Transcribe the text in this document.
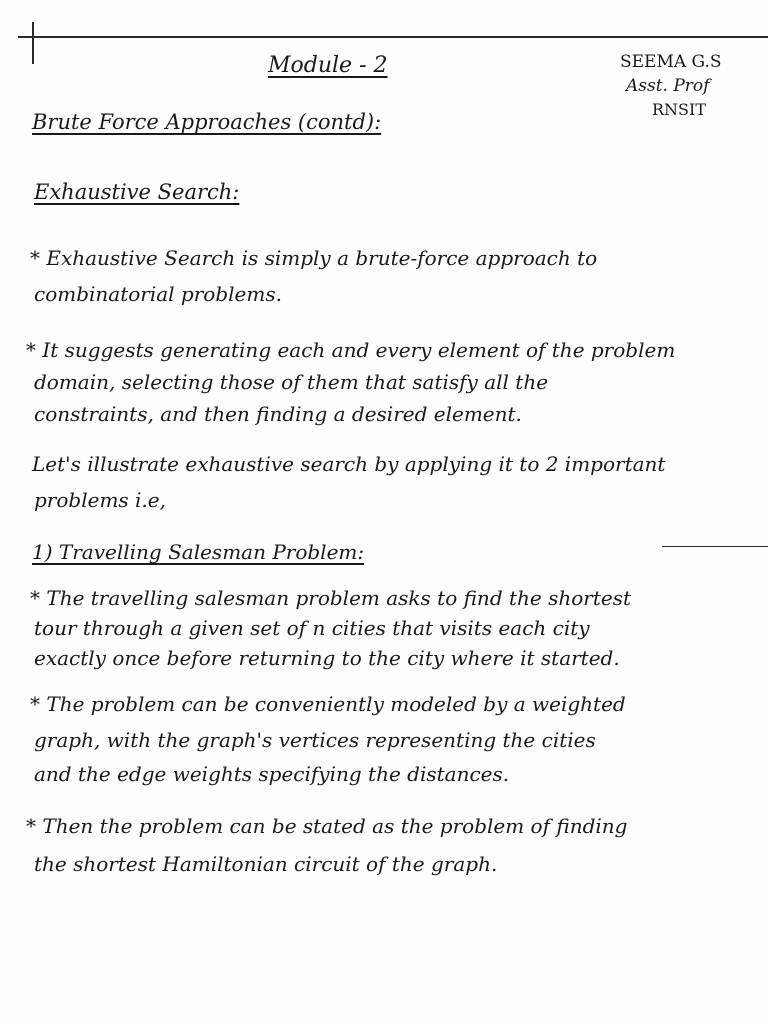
Module - 2	SEEMA G.S
Asst. Prof
RNSIT
Brute Force Approaches (contd):
Exhaustive Search:
* Exhaustive Search is simply a brute-force approach to
combinatorial problems.
* It suggests generating each and every element of the problem
domain, selecting those of them that satisfy all the
constraints, and then finding a desired element.
Let's illustrate exhaustive search by applying it to 2 important
problems i.e,
1) Travelling Salesman Problem:
* The travelling salesman problem asks to find the shortest
tour through a given set of n cities that visits each city
exactly once before returning to the city where it started.
* The problem can be conveniently modeled by a weighted
graph, with the graph's vertices representing the cities
and the edge weights specifying the distances.
* Then the problem can be stated as the problem of finding
the shortest Hamiltonian circuit of the graph.
